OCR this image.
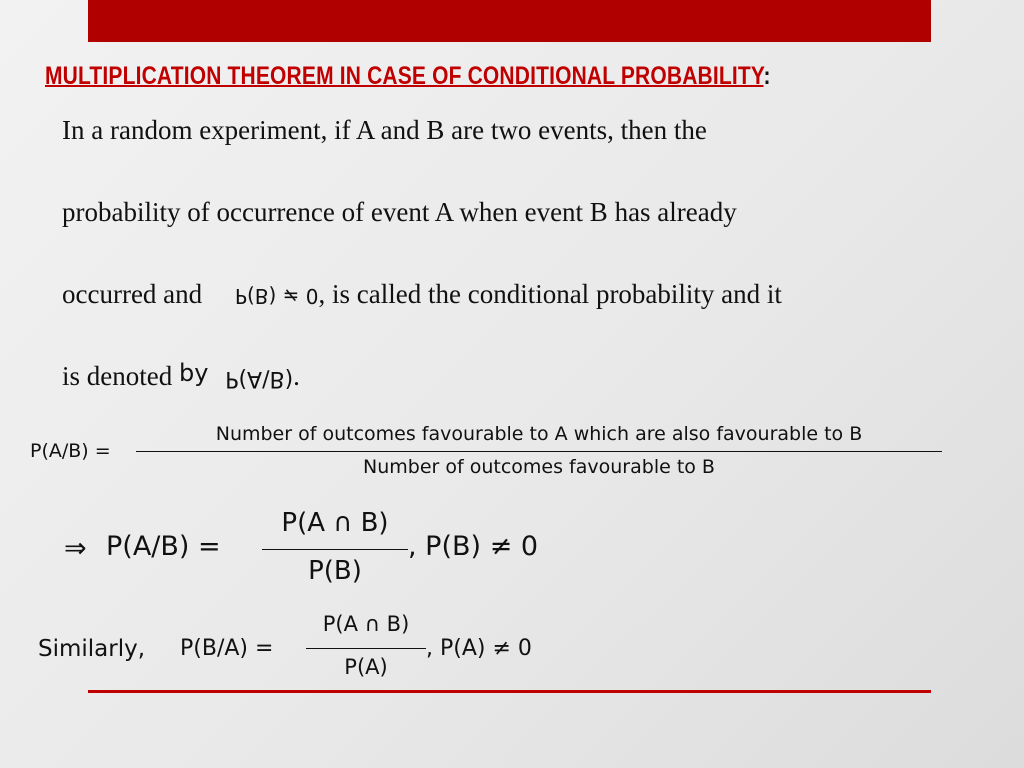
MULTIPLICATION THEOREM IN CASE OF CONDITIONAL PROBABILITY:
In a random experiment, if A and B are two events, then the
probability of occurrence of event A when event B has already
occurred and P(B) ≠ 0, is called the conditional probability and it
is denoted by P(A\B).
P(A/B) =
Number of outcomes favourable to A which are also favourable to B
Number of outcomes favourable to B
⇒ P(A/B) =
P(A ∩ B)
P(B)
, P(B) ≠ 0
Similarly, P(B/A) =
P(A ∩ B)
P(A)
, P(A) ≠ 0
